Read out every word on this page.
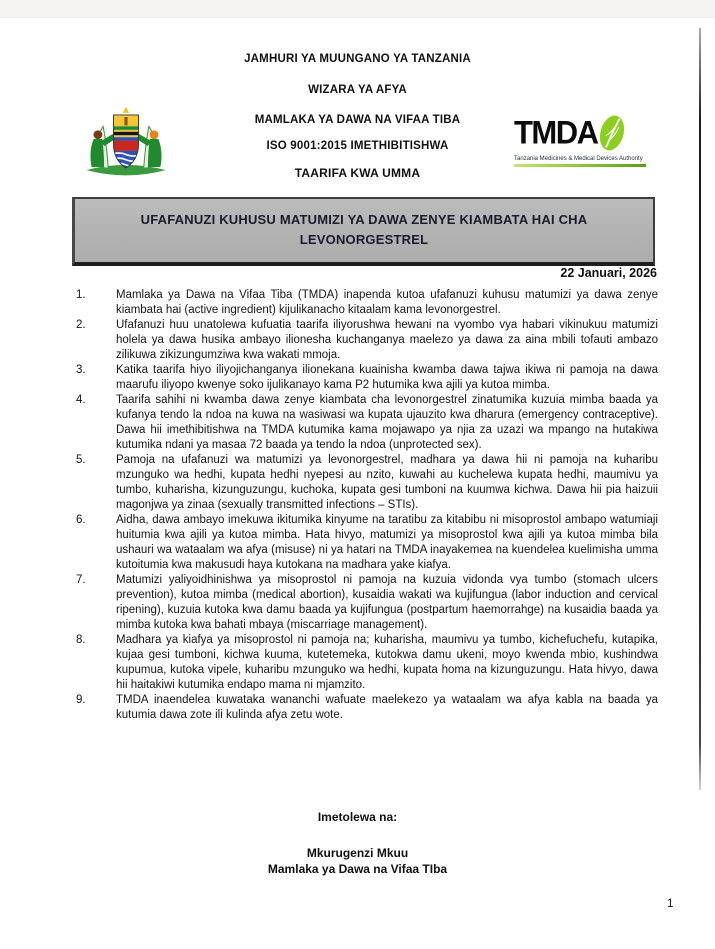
JAMHURI YA MUUNGANO YA TANZANIA
WIZARA YA AFYA
MAMLAKA YA DAWA NA VIFAA TIBA
ISO 9001:2015 IMETHIBITISHWA
TAARIFA KWA UMMA
TMDA
Tanzania Medicines & Medical Devices Authority
UFAFANUZI KUHUSU MATUMIZI YA DAWA ZENYE KIAMBATA HAI CHA
LEVONORGESTREL
22 Januari, 2026
1.	Mamlaka ya Dawa na Vifaa Tiba (TMDA) inapenda kutoa ufafanuzi kuhusu matumizi ya dawa zenye kiambata hai (active ingredient) kijulikanacho kitaalam kama levonorgestrel.
2.	Ufafanuzi huu unatolewa kufuatia taarifa iliyorushwa hewani na vyombo vya habari vikinukuu matumizi holela ya dawa husika ambayo ilionesha kuchanganya maelezo ya dawa za aina mbili tofauti ambazo zilikuwa zikizungumziwa kwa wakati mmoja.
3.	Katika taarifa hiyo iliyojichanganya ilionekana kuainisha kwamba dawa tajwa ikiwa ni pamoja na dawa maarufu iliyopo kwenye soko ijulikanayo kama P2 hutumika kwa ajili ya kutoa mimba.
4.	Taarifa sahihi ni kwamba dawa zenye kiambata cha levonorgestrel zinatumika kuzuia mimba baada ya kufanya tendo la ndoa na kuwa na wasiwasi wa kupata ujauzito kwa dharura (emergency contraceptive). Dawa hii imethibitishwa na TMDA kutumika kama mojawapo ya njia za uzazi wa mpango na hutakiwa kutumika ndani ya masaa 72 baada ya tendo la ndoa (unprotected sex).
5.	Pamoja na ufafanuzi wa matumizi ya levonorgestrel, madhara ya dawa hii ni pamoja na kuharibu mzunguko wa hedhi, kupata hedhi nyepesi au nzito, kuwahi au kuchelewa kupata hedhi, maumivu ya tumbo, kuharisha, kizunguzungu, kuchoka, kupata gesi tumboni na kuumwa kichwa. Dawa hii pia haizuii magonjwa ya zinaa (sexually transmitted infections – STIs).
6.	Aidha, dawa ambayo imekuwa ikitumika kinyume na taratibu za kitabibu ni misoprostol ambapo watumiaji huitumia kwa ajili ya kutoa mimba. Hata hivyo, matumizi ya misoprostol kwa ajili ya kutoa mimba bila ushauri wa wataalam wa afya (misuse) ni ya hatari na TMDA inayakemea na kuendelea kuelimisha umma kutoitumia kwa makusudi haya kutokana na madhara yake kiafya.
7.	Matumizi yaliyoidhinishwa ya misoprostol ni pamoja na kuzuia vidonda vya tumbo (stomach ulcers prevention), kutoa mimba (medical abortion), kusaidia wakati wa kujifungua (labor induction and cervical ripening), kuzuia kutoka kwa damu baada ya kujifungua (postpartum haemorrahge) na kusaidia baada ya mimba kutoka kwa bahati mbaya (miscarriage management).
8.	Madhara ya kiafya ya misoprostol ni pamoja na; kuharisha, maumivu ya tumbo, kichefuchefu, kutapika, kujaa gesi tumboni, kichwa kuuma, kutetemeka, kutokwa damu ukeni, moyo kwenda mbio, kushindwa kupumua, kutoka vipele, kuharibu mzunguko wa hedhi, kupata homa na kizunguzungu. Hata hivyo, dawa hii haitakiwi kutumika endapo mama ni mjamzito.
9.	TMDA inaendelea kuwataka wananchi wafuate maelekezo ya wataalam wa afya kabla na baada ya kutumia dawa zote ili kulinda afya zetu wote.
Imetolewa na:
Mkurugenzi Mkuu
Mamlaka ya Dawa na Vifaa TIba
1
